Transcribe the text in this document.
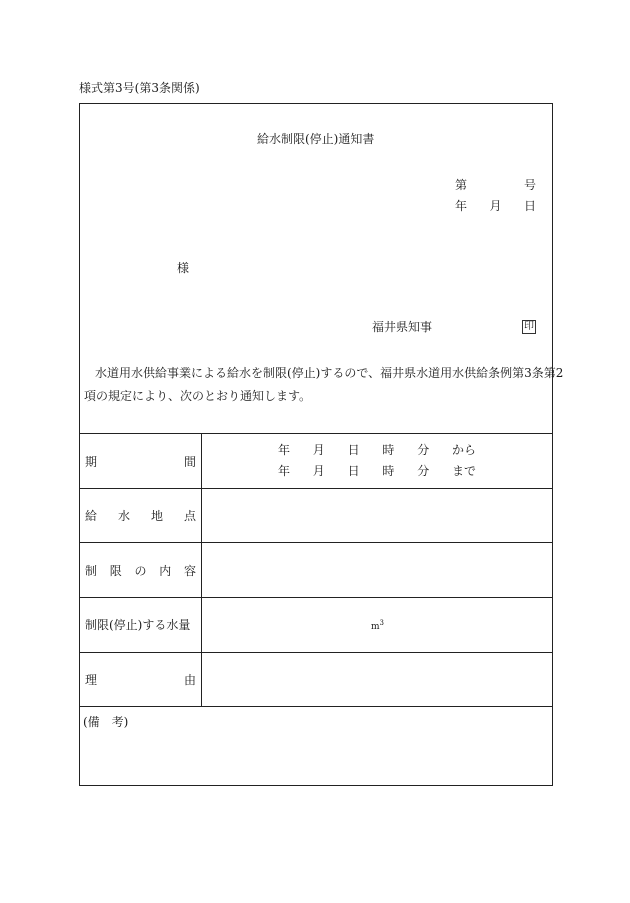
様式第3号(第3条関係)
給水制限(停止)通知書
第	号
年 月 日
様
福井県知事	印
水道用水供給事業による給水を制限(停止)するので、福井県水道用水供給条例第3条第2
項の規定により、次のとおり通知します。
期	間
年 月 日 時 分 から
年 月 日 時 分 まで
給 水 地 点
制 限 の 内 容
制限(停止)する水量	$m^3$
理	由
(備　考)
